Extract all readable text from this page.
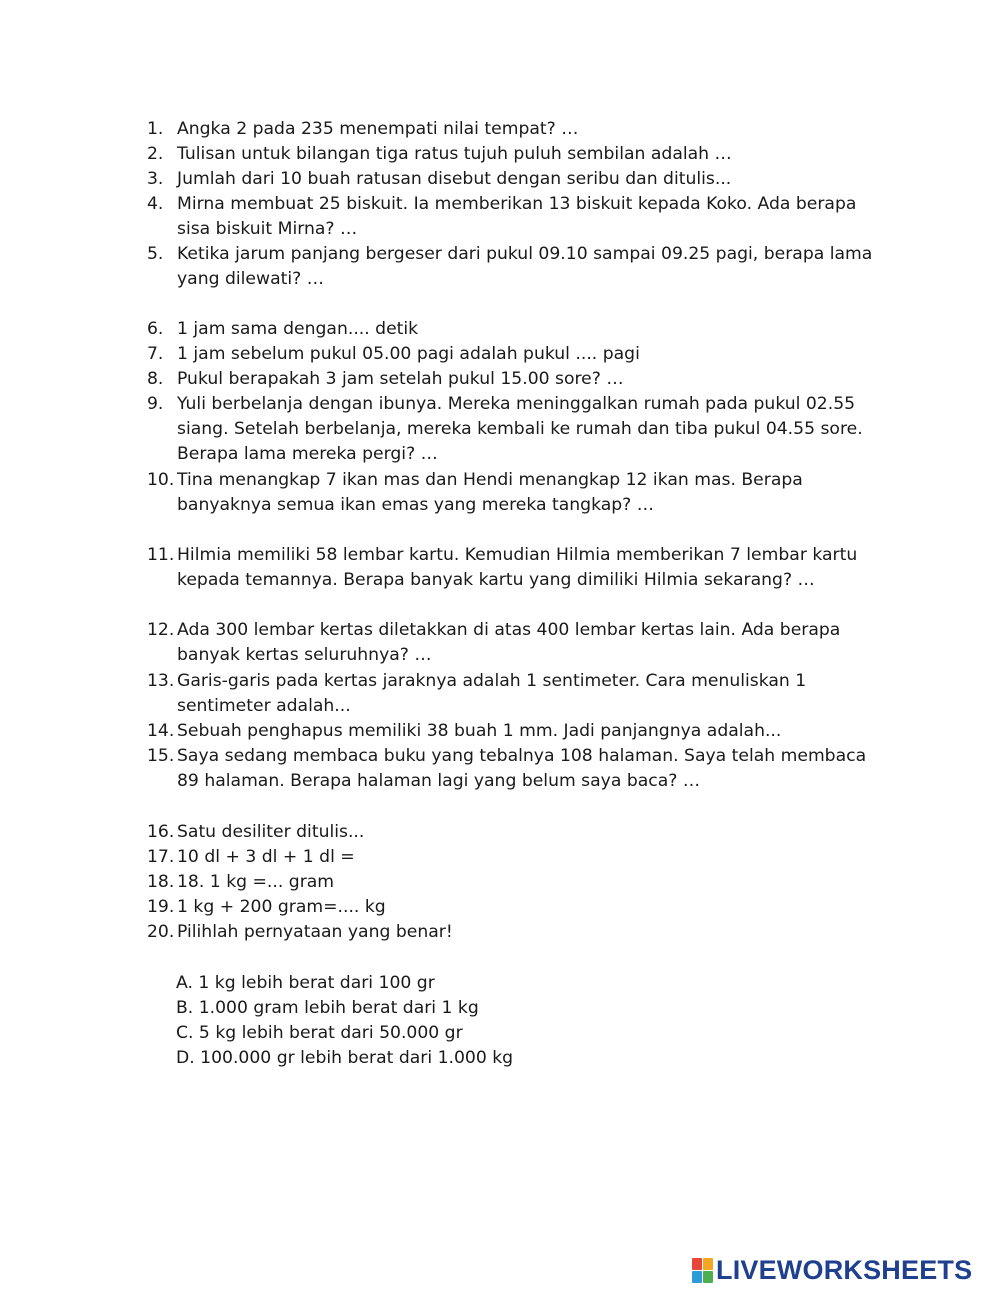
1. Angka 2 pada 235 menempati nilai tempat? …
2. Tulisan untuk bilangan tiga ratus tujuh puluh sembilan adalah …
3. Jumlah dari 10 buah ratusan disebut dengan seribu dan ditulis...
4. Mirna membuat 25 biskuit. Ia memberikan 13 biskuit kepada Koko. Ada berapa sisa biskuit Mirna? …
5. Ketika jarum panjang bergeser dari pukul 09.10 sampai 09.25 pagi, berapa lama yang dilewati? …
6. 1 jam sama dengan.... detik
7. 1 jam sebelum pukul 05.00 pagi adalah pukul .... pagi
8. Pukul berapakah 3 jam setelah pukul 15.00 sore? …
9. Yuli berbelanja dengan ibunya. Mereka meninggalkan rumah pada pukul 02.55 siang. Setelah berbelanja, mereka kembali ke rumah dan tiba pukul 04.55 sore. Berapa lama mereka pergi? …
10. Tina menangkap 7 ikan mas dan Hendi menangkap 12 ikan mas. Berapa banyaknya semua ikan emas yang mereka tangkap? …
11. Hilmia memiliki 58 lembar kartu. Kemudian Hilmia memberikan 7 lembar kartu kepada temannya. Berapa banyak kartu yang dimiliki Hilmia sekarang? …
12. Ada 300 lembar kertas diletakkan di atas 400 lembar kertas lain. Ada berapa banyak kertas seluruhnya? …
13. Garis-garis pada kertas jaraknya adalah 1 sentimeter. Cara menuliskan 1 sentimeter adalah...
14. Sebuah penghapus memiliki 38 buah 1 mm. Jadi panjangnya adalah...
15. Saya sedang membaca buku yang tebalnya 108 halaman. Saya telah membaca 89 halaman. Berapa halaman lagi yang belum saya baca? …
16. Satu desiliter ditulis...
17. 10 dl + 3 dl + 1 dl =
18. 18. 1 kg =... gram
19. 1 kg + 200 gram=.... kg
20. Pilihlah pernyataan yang benar!
A. 1 kg lebih berat dari 100 gr
B. 1.000 gram lebih berat dari 1 kg
C. 5 kg lebih berat dari 50.000 gr
D. 100.000 gr lebih berat dari 1.000 kg
LIVEWORKSHEETS
